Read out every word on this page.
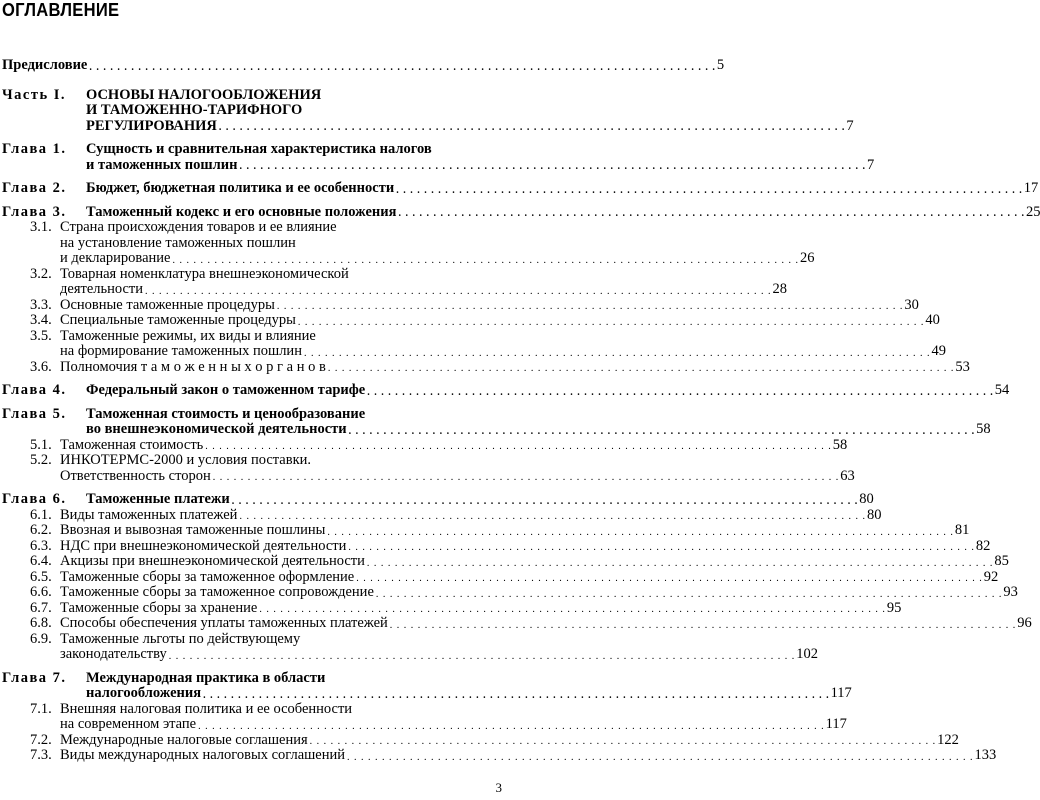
ОГЛАВЛЕНИЕ
Предисловие . . . . . . . . . . . . . . . . . . . . . . . . . . . . . . . . . . . . . . . . . . . . . . . . . . . . . . . . . . . . . . . . . . . . . . . . . . . . . . . . . . . . . . . . . . 5
Часть I. ОСНОВЫ НАЛОГООБЛОЖЕНИЯ
И ТАМОЖЕННО-ТАРИФНОГО
РЕГУЛИРОВАНИЯ . . . . . . . . . . . . . . . . . . . . . . . . . . . . . . . . . . . . . . . . . . . . . . . . . . . . . . . . . . . . . . . . . . . . . . . . . . . . . . . . . . . . . . . . . . 7
Глава 1. Сущность и сравнительная характеристика налогов
и таможенных пошлин . . . . . . . . . . . . . . . . . . . . . . . . . . . . . . . . . . . . . . . . . . . . . . . . . . . . . . . . . . . . . . . . . . . . . . . . . . . . . . . . . . . . . . . . . . 7
Глава 2. Бюджет, бюджетная политика и ее особенности . . . . . . . . . . . . . . . . . . . . . . . . . . . . . . . . . . . . . . . . . . . . . . . . . . . . . . . . . . . . . . . . . . . . . . . . . . . . . . . . . . . . . . . . . . 17
Глава 3. Таможенный кодекс и его основные положения . . . . . . . . . . . . . . . . . . . . . . . . . . . . . . . . . . . . . . . . . . . . . . . . . . . . . . . . . . . . . . . . . . . . . . . . . . . . . . . . . . . . . . . . . . 25
3.1. Страна происхождения товаров и ее влияние
на установление таможенных пошлин
и декларирование . . . . . . . . . . . . . . . . . . . . . . . . . . . . . . . . . . . . . . . . . . . . . . . . . . . . . . . . . . . . . . . . . . . . . . . . . . . . . . . . . . . . . . . . . . 26
3.2. Товарная номенклатура внешнеэкономической
деятельности . . . . . . . . . . . . . . . . . . . . . . . . . . . . . . . . . . . . . . . . . . . . . . . . . . . . . . . . . . . . . . . . . . . . . . . . . . . . . . . . . . . . . . . . . . 28
3.3. Основные таможенные процедуры . . . . . . . . . . . . . . . . . . . . . . . . . . . . . . . . . . . . . . . . . . . . . . . . . . . . . . . . . . . . . . . . . . . . . . . . . . . . . . . . . . . . . . . . . . 30
3.4. Специальные таможенные процедуры . . . . . . . . . . . . . . . . . . . . . . . . . . . . . . . . . . . . . . . . . . . . . . . . . . . . . . . . . . . . . . . . . . . . . . . . . . . . . . . . . . . . . . . . . . 40
3.5. Таможенные режимы, их виды и влияние
на формирование таможенных пошлин . . . . . . . . . . . . . . . . . . . . . . . . . . . . . . . . . . . . . . . . . . . . . . . . . . . . . . . . . . . . . . . . . . . . . . . . . . . . . . . . . . . . . . . . . . 49
3.6. Полномочия т а м о ж е н н ы х о р г а н о в . . . . . . . . . . . . . . . . . . . . . . . . . . . . . . . . . . . . . . . . . . . . . . . . . . . . . . . . . . . . . . . . . . . . . . . . . . . . . . . . . . . . . . . . . . 53
Глава 4. Федеральный закон о таможенном тарифе . . . . . . . . . . . . . . . . . . . . . . . . . . . . . . . . . . . . . . . . . . . . . . . . . . . . . . . . . . . . . . . . . . . . . . . . . . . . . . . . . . . . . . . . . . 54
Глава 5. Таможенная стоимость и ценообразование
во внешнеэкономической деятельности . . . . . . . . . . . . . . . . . . . . . . . . . . . . . . . . . . . . . . . . . . . . . . . . . . . . . . . . . . . . . . . . . . . . . . . . . . . . . . . . . . . . . . . . . . 58
5.1. Таможенная стоимость . . . . . . . . . . . . . . . . . . . . . . . . . . . . . . . . . . . . . . . . . . . . . . . . . . . . . . . . . . . . . . . . . . . . . . . . . . . . . . . . . . . . . . . . . . 58
5.2. ИНКОТЕРМС-2000 и условия поставки.
Ответственность сторон . . . . . . . . . . . . . . . . . . . . . . . . . . . . . . . . . . . . . . . . . . . . . . . . . . . . . . . . . . . . . . . . . . . . . . . . . . . . . . . . . . . . . . . . . . 63
Глава 6. Таможенные платежи . . . . . . . . . . . . . . . . . . . . . . . . . . . . . . . . . . . . . . . . . . . . . . . . . . . . . . . . . . . . . . . . . . . . . . . . . . . . . . . . . . . . . . . . . . 80
6.1. Виды таможенных платежей . . . . . . . . . . . . . . . . . . . . . . . . . . . . . . . . . . . . . . . . . . . . . . . . . . . . . . . . . . . . . . . . . . . . . . . . . . . . . . . . . . . . . . . . . . 80
6.2. Ввозная и вывозная таможенные пошлины . . . . . . . . . . . . . . . . . . . . . . . . . . . . . . . . . . . . . . . . . . . . . . . . . . . . . . . . . . . . . . . . . . . . . . . . . . . . . . . . . . . . . . . . . . 81
6.3. НДС при внешнеэкономической деятельности . . . . . . . . . . . . . . . . . . . . . . . . . . . . . . . . . . . . . . . . . . . . . . . . . . . . . . . . . . . . . . . . . . . . . . . . . . . . . . . . . . . . . . . . . . 82
6.4. Акцизы при внешнеэкономической деятельности . . . . . . . . . . . . . . . . . . . . . . . . . . . . . . . . . . . . . . . . . . . . . . . . . . . . . . . . . . . . . . . . . . . . . . . . . . . . . . . . . . . . . . . . . . 85
6.5. Таможенные сборы за таможенное оформление . . . . . . . . . . . . . . . . . . . . . . . . . . . . . . . . . . . . . . . . . . . . . . . . . . . . . . . . . . . . . . . . . . . . . . . . . . . . . . . . . . . . . . . . . . 92
6.6. Таможенные сборы за таможенное сопровождение . . . . . . . . . . . . . . . . . . . . . . . . . . . . . . . . . . . . . . . . . . . . . . . . . . . . . . . . . . . . . . . . . . . . . . . . . . . . . . . . . . . . . . . . . . 93
6.7. Таможенные сборы за хранение . . . . . . . . . . . . . . . . . . . . . . . . . . . . . . . . . . . . . . . . . . . . . . . . . . . . . . . . . . . . . . . . . . . . . . . . . . . . . . . . . . . . . . . . . . 95
6.8. Способы обеспечения уплаты таможенных платежей . . . . . . . . . . . . . . . . . . . . . . . . . . . . . . . . . . . . . . . . . . . . . . . . . . . . . . . . . . . . . . . . . . . . . . . . . . . . . . . . . . . . . . . . . . 96
6.9. Таможенные льготы по действующему
законодательству . . . . . . . . . . . . . . . . . . . . . . . . . . . . . . . . . . . . . . . . . . . . . . . . . . . . . . . . . . . . . . . . . . . . . . . . . . . . . . . . . . . . . . . . . . 102
Глава 7. Международная практика в области
налогообложения . . . . . . . . . . . . . . . . . . . . . . . . . . . . . . . . . . . . . . . . . . . . . . . . . . . . . . . . . . . . . . . . . . . . . . . . . . . . . . . . . . . . . . . . . . 117
7.1. Внешняя налоговая политика и ее особенности
на современном этапе . . . . . . . . . . . . . . . . . . . . . . . . . . . . . . . . . . . . . . . . . . . . . . . . . . . . . . . . . . . . . . . . . . . . . . . . . . . . . . . . . . . . . . . . . . 117
7.2. Международные налоговые соглашения . . . . . . . . . . . . . . . . . . . . . . . . . . . . . . . . . . . . . . . . . . . . . . . . . . . . . . . . . . . . . . . . . . . . . . . . . . . . . . . . . . . . . . . . . . 122
7.3. Виды международных налоговых соглашений . . . . . . . . . . . . . . . . . . . . . . . . . . . . . . . . . . . . . . . . . . . . . . . . . . . . . . . . . . . . . . . . . . . . . . . . . . . . . . . . . . . . . . . . . . 133
3
